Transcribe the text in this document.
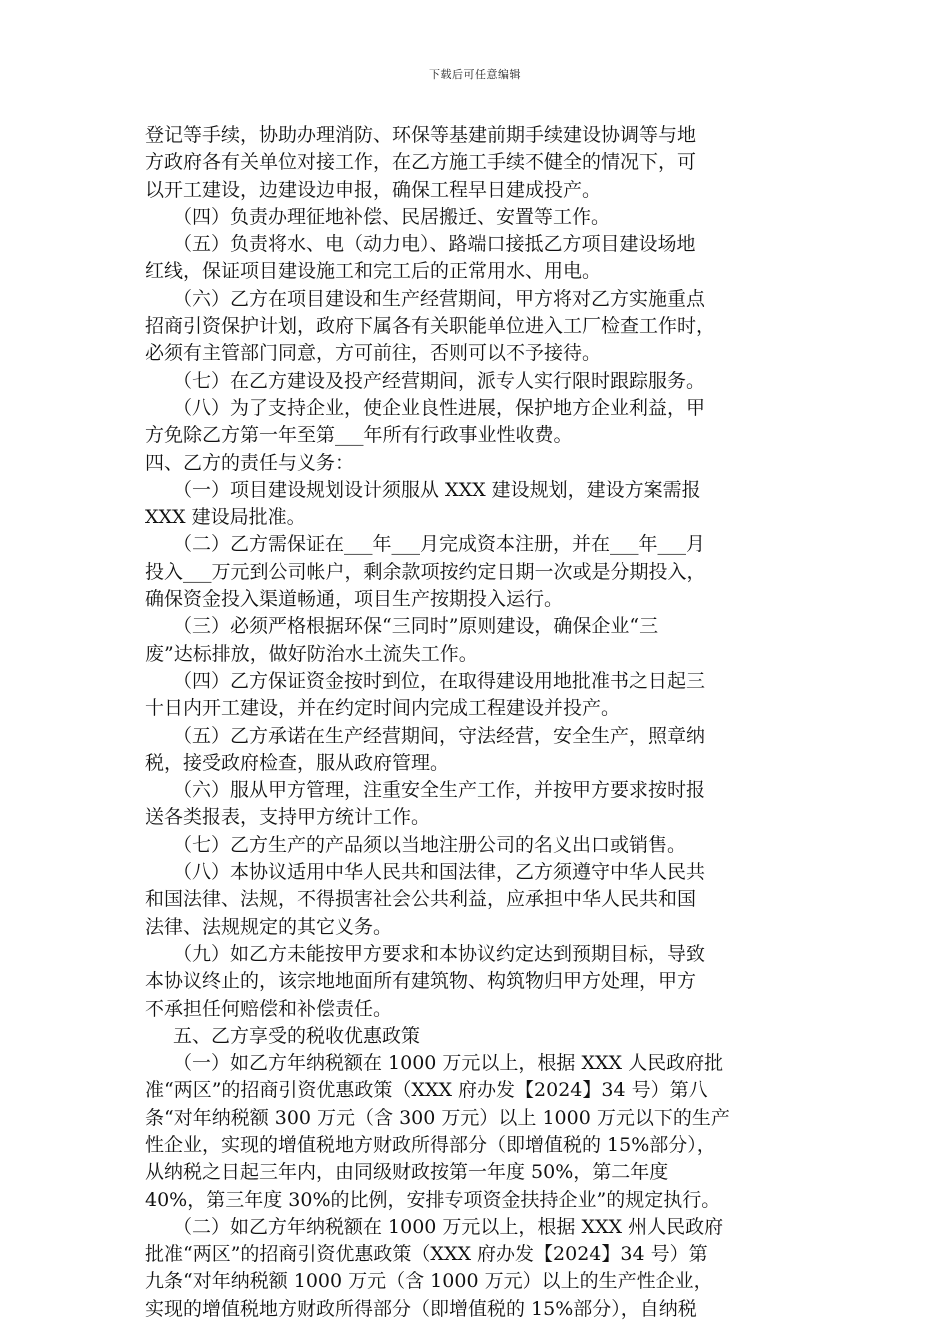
下载后可任意编辑
登记等手续，协助办理消防、环保等基建前期手续建设协调等与地
方政府各有关单位对接工作，在乙方施工手续不健全的情况下，可
以开工建设，边建设边申报，确保工程早日建成投产。
（四）负责办理征地补偿、民居搬迁、安置等工作。
（五）负责将水、电（动力电）、路端口接抵乙方项目建设场地
红线，保证项目建设施工和完工后的正常用水、用电。
（六）乙方在项目建设和生产经营期间，甲方将对乙方实施重点
招商引资保护计划，政府下属各有关职能单位进入工厂检查工作时，
必须有主管部门同意，方可前往，否则可以不予接待。
（七）在乙方建设及投产经营期间，派专人实行限时跟踪服务。
（八）为了支持企业，使企业良性进展，保护地方企业利益，甲
方免除乙方第一年至第___年所有行政事业性收费。
四、乙方的责任与义务：
（一）项目建设规划设计须服从 XXX 建设规划，建设方案需报
XXX 建设局批准。
（二）乙方需保证在___年___月完成资本注册，并在___年___月
投入___万元到公司帐户，剩余款项按约定日期一次或是分期投入，
确保资金投入渠道畅通，项目生产按期投入运行。
（三）必须严格根据环保“三同时”原则建设，确保企业“三
废”达标排放，做好防治水土流失工作。
（四）乙方保证资金按时到位，在取得建设用地批准书之日起三
十日内开工建设，并在约定时间内完成工程建设并投产。
（五）乙方承诺在生产经营期间，守法经营，安全生产，照章纳
税，接受政府检查，服从政府管理。
（六）服从甲方管理，注重安全生产工作，并按甲方要求按时报
送各类报表，支持甲方统计工作。
（七）乙方生产的产品须以当地注册公司的名义出口或销售。
（八）本协议适用中华人民共和国法律，乙方须遵守中华人民共
和国法律、法规，不得损害社会公共利益，应承担中华人民共和国
法律、法规规定的其它义务。
（九）如乙方未能按甲方要求和本协议约定达到预期目标，导致
本协议终止的，该宗地地面所有建筑物、构筑物归甲方处理，甲方
不承担任何赔偿和补偿责任。
五、乙方享受的税收优惠政策
（一）如乙方年纳税额在 1000 万元以上，根据 XXX 人民政府批
准“两区”的招商引资优惠政策（XXX 府办发【2024】34 号）第八
条“对年纳税额 300 万元（含 300 万元）以上 1000 万元以下的生产
性企业，实现的增值税地方财政所得部分（即增值税的 15%部分），
从纳税之日起三年内，由同级财政按第一年度 50%，第二年度
40%，第三年度 30%的比例，安排专项资金扶持企业”的规定执行。
（二）如乙方年纳税额在 1000 万元以上，根据 XXX 州人民政府
批准“两区”的招商引资优惠政策（XXX 府办发【2024】34 号）第
九条“对年纳税额 1000 万元（含 1000 万元）以上的生产性企业，
实现的增值税地方财政所得部分（即增值税的 15%部分），自纳税
